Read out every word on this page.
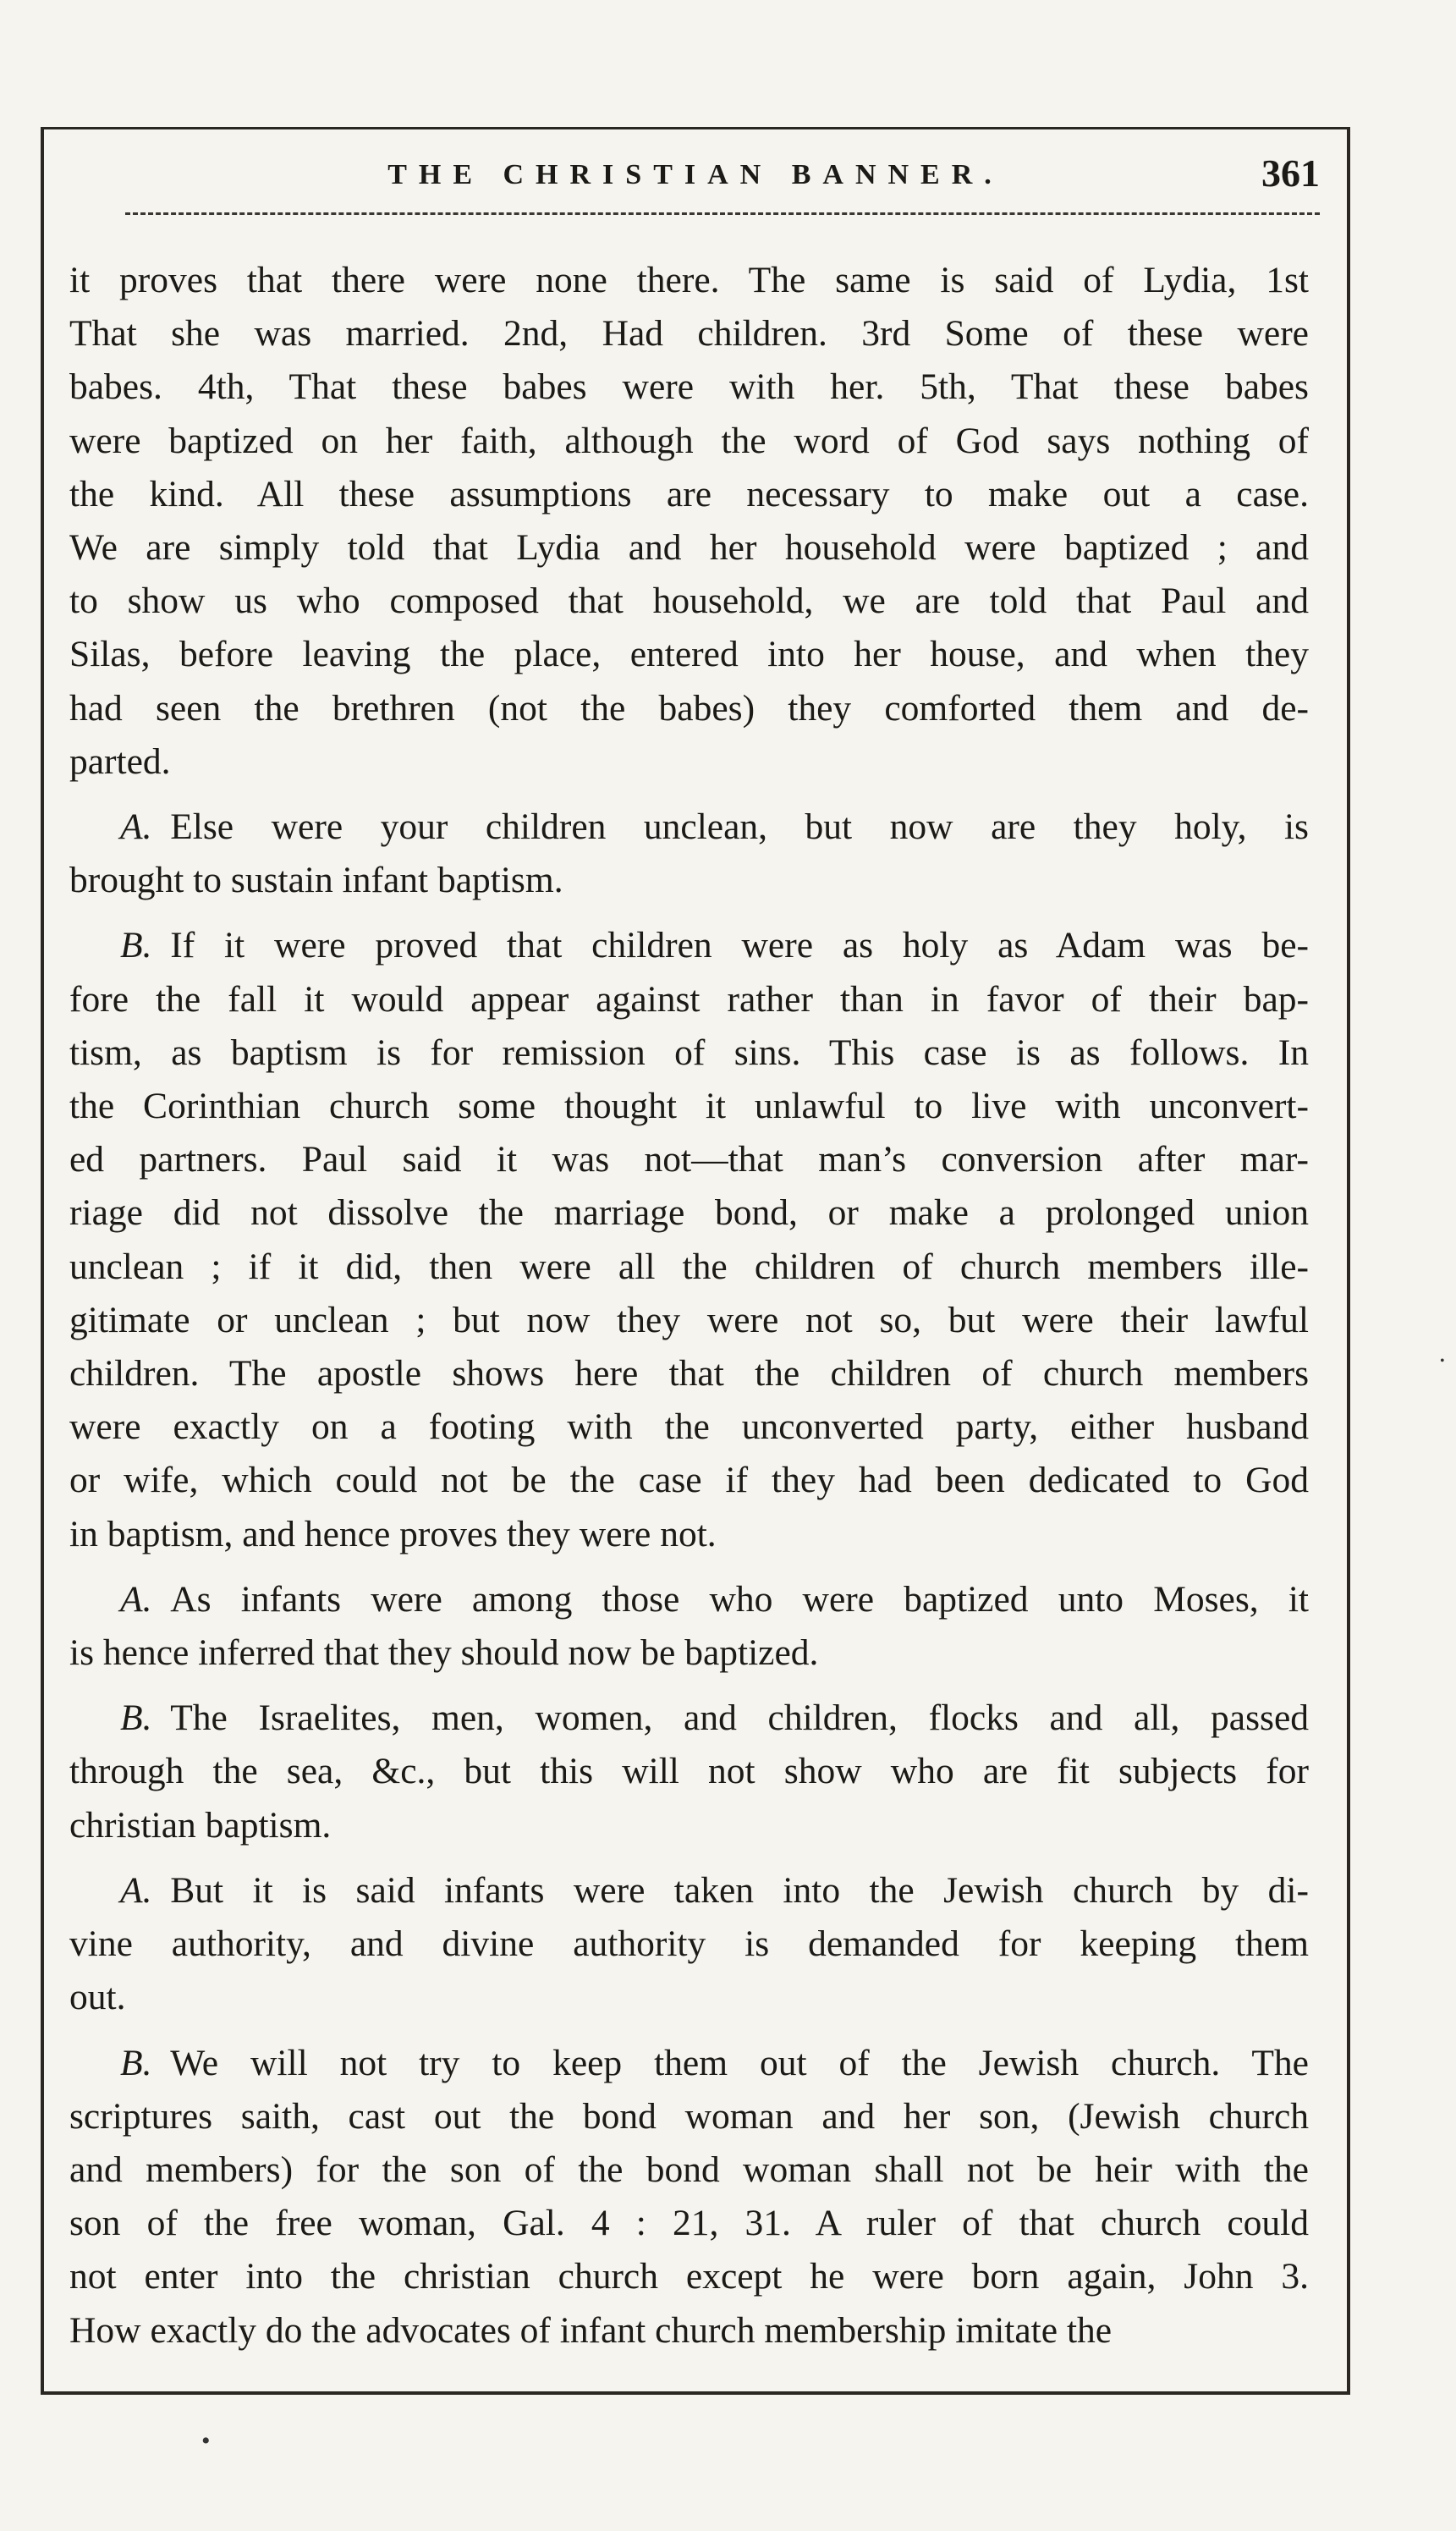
THE CHRISTIAN BANNER.	361
it proves that there were none there. The same is said of Lydia, 1st
That she was married. 2nd, Had children. 3rd Some of these were
babes. 4th, That these babes were with her. 5th, That these babes
were baptized on her faith, although the word of God says nothing of
the kind. All these assumptions are necessary to make out a case.
We are simply told that Lydia and her household were baptized ; and
to show us who composed that household, we are told that Paul and
Silas, before leaving the place, entered into her house, and when they
had seen the brethren (not the babes) they comforted them and de-
parted.
A.  Else were your children unclean, but now are they holy, is
brought to sustain infant baptism.
B.  If it were proved that children were as holy as Adam was be-
fore the fall it would appear against rather than in favor of their bap-
tism, as baptism is for remission of sins. This case is as follows. In
the Corinthian church some thought it unlawful to live with unconvert-
ed partners. Paul said it was not—that man’s conversion after mar-
riage did not dissolve the marriage bond, or make a prolonged union
unclean ; if it did, then were all the children of church members ille-
gitimate or unclean ; but now they were not so, but were their lawful
children. The apostle shows here that the children of church members
were exactly on a footing with the unconverted party, either husband
or wife, which could not be the case if they had been dedicated to God
in baptism, and hence proves they were not.
A.  As infants were among those who were baptized unto Moses, it
is hence inferred that they should now be baptized.
B.  The Israelites, men, women, and children, flocks and all, passed
through the sea, &c., but this will not show who are fit subjects for
christian baptism.
A.  But it is said infants were taken into the Jewish church by di-
vine authority, and divine authority is demanded for keeping them
out.
B.  We will not try to keep them out of the Jewish church. The
scriptures saith, cast out the bond woman and her son, (Jewish church
and members) for the son of the bond woman shall not be heir with the
son of the free woman, Gal. 4 : 21, 31. A ruler of that church could
not enter into the christian church except he were born again, John 3.
How exactly do the advocates of infant church membership imitate the
•
•
